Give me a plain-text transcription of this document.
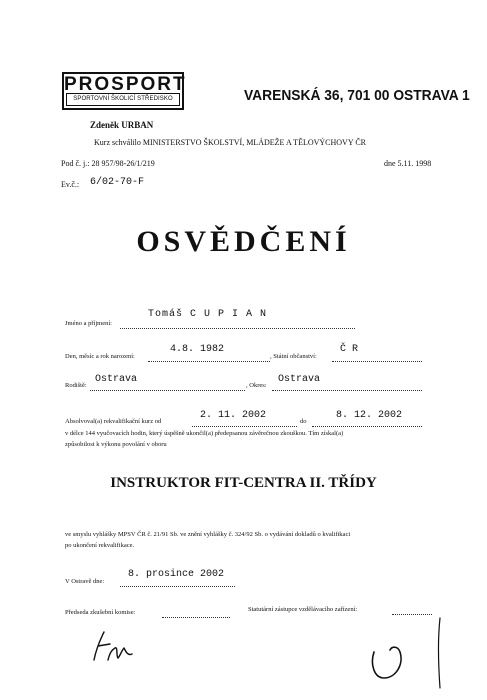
PROSPORT
SPORTOVNÍ ŠKOLICÍ STŘEDISKO	VARENSKÁ 36, 701 00 OSTRAVA 1
Zdeněk URBAN
Kurz schválilo MINISTERSTVO ŠKOLSTVÍ, MLÁDEŽE A TĚLOVÝCHOVY ČR
Pod č. j.: 28 957/98-26/1/219	dne 5.11. 1998
Ev.č.: 6/02-70-F
OSVĚDČENÍ
Jméno a příjmení:
Tomáš C U P I A N
Den, měsíc a rok narození:
4.8. 1982
, Státní občanství:
Č R
Rodiště:
Ostrava
, Okres:
Ostrava
Absolvoval(a) rekvalifikační kurz od
2. 11. 2002
do
8. 12. 2002
v délce 144 vyučovacích hodin, který úspěšně ukončil(a) předepsanou závěrečnou zkouškou. Tím získal(a)
způsobilost k výkonu povolání v oboru
INSTRUKTOR FIT-CENTRA II. TŘÍDY
ve smyslu vyhlášky MPSV ČR č. 21/91 Sb. ve znění vyhlášky č. 324/92 Sb. o vydávání dokladů o kvalifikaci
po ukončení rekvalifikace.
V Ostravě dne:
8. prosince 2002
Předseda zkušební komise:	Statutární zástupce vzdělávacího zařízení:
